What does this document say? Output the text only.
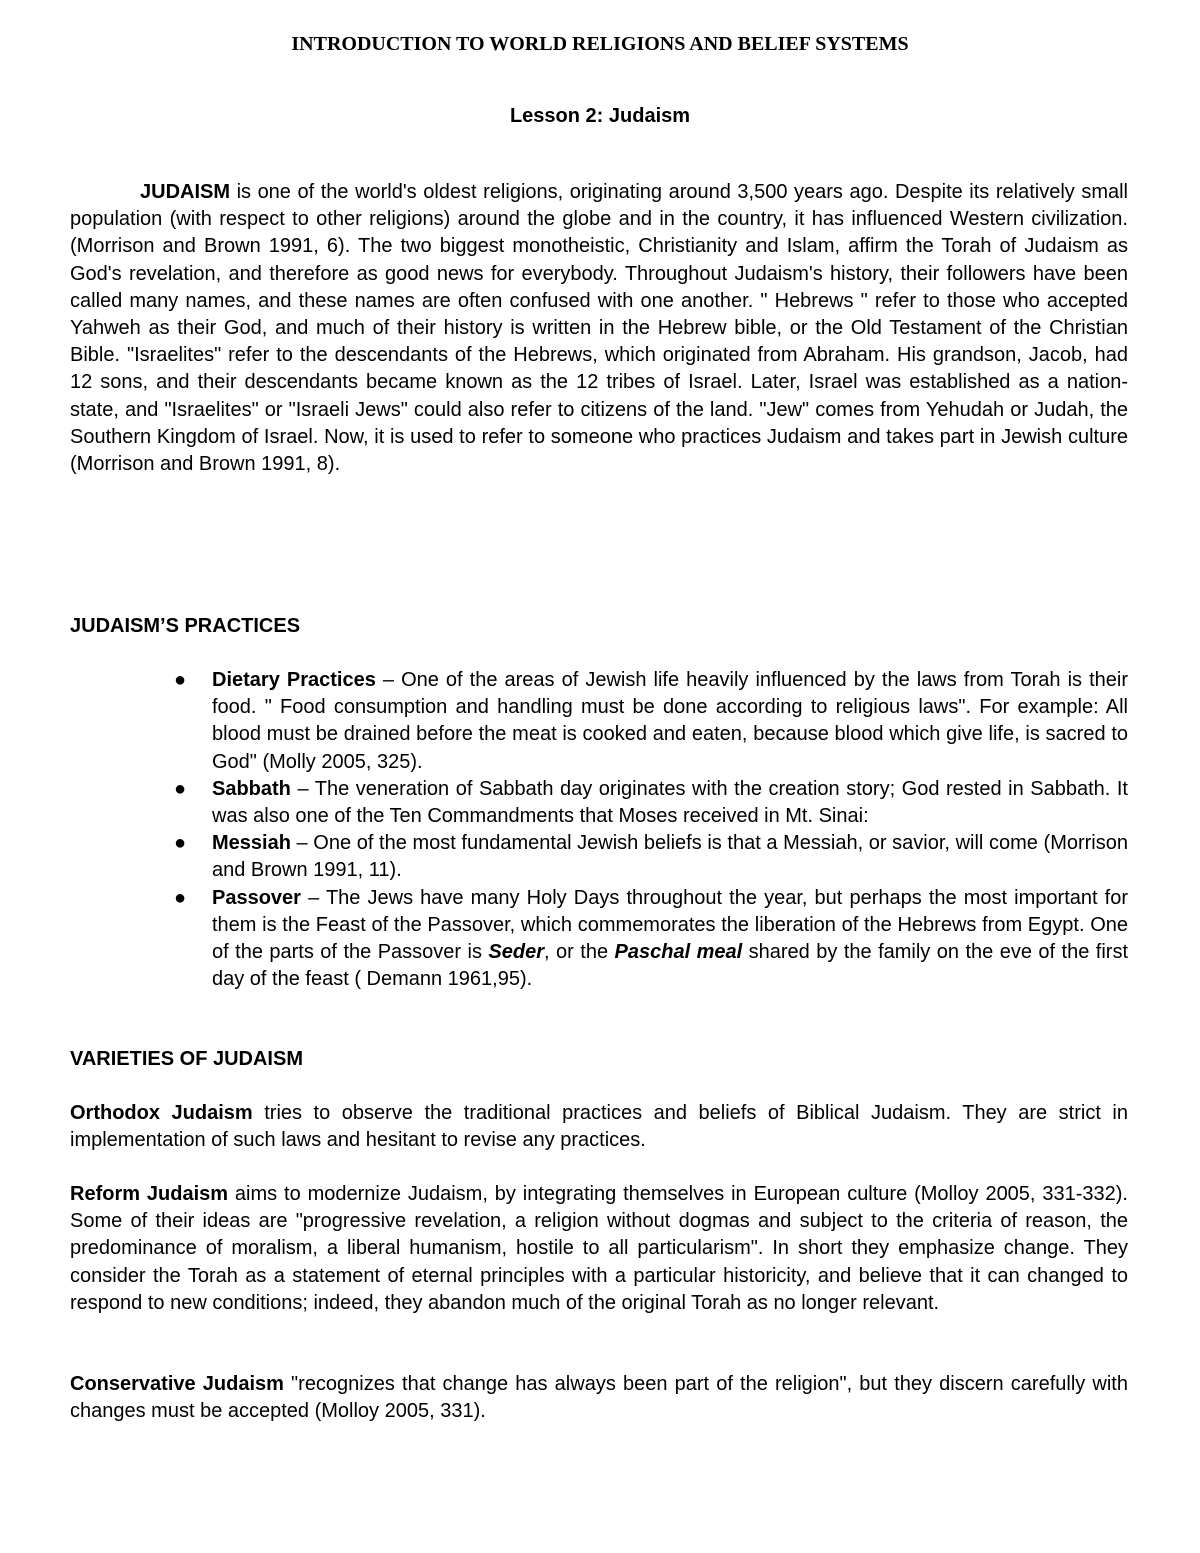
INTRODUCTION TO WORLD RELIGIONS AND BELIEF SYSTEMS
Lesson 2: Judaism

JUDAISM is one of the world's oldest religions, originating around 3,500 years ago. Despite its relatively small population (with respect to other religions) around the globe and in the country, it has influenced Western civilization. (Morrison and Brown 1991, 6). The two biggest monotheistic, Christianity and Islam, affirm the Torah of Judaism as God's revelation, and therefore as good news for everybody. Throughout Judaism's history, their followers have been called many names, and these names are often confused with one another. " Hebrews " refer to those who accepted Yahweh as their God, and much of their history is written in the Hebrew bible, or the Old Testament of the Christian Bible. "Israelites" refer to the descendants of the Hebrews, which originated from Abraham. His grandson, Jacob, had 12 sons, and their descendants became known as the 12 tribes of Israel. Later, Israel was established as a nation-state, and "Israelites" or "Israeli Jews" could also refer to citizens of the land. "Jew" comes from Yehudah or Judah, the Southern Kingdom of Israel. Now, it is used to refer to someone who practices Judaism and takes part in Jewish culture (Morrison and Brown 1991, 8).

JUDAISM’S PRACTICES

● Dietary Practices – One of the areas of Jewish life heavily influenced by the laws from Torah is their food. " Food consumption and handling must be done according to religious laws". For example: All blood must be drained before the meat is cooked and eaten, because blood which give life, is sacred to God" (Molly 2005, 325).
● Sabbath – The veneration of Sabbath day originates with the creation story; God rested in Sabbath. It was also one of the Ten Commandments that Moses received in Mt. Sinai:
● Messiah – One of the most fundamental Jewish beliefs is that a Messiah, or savior, will come (Morrison and Brown 1991, 11).
● Passover – The Jews have many Holy Days throughout the year, but perhaps the most important for them is the Feast of the Passover, which commemorates the liberation of the Hebrews from Egypt. One of the parts of the Passover is Seder, or the Paschal meal shared by the family on the eve of the first day of the feast ( Demann 1961,95).

VARIETIES OF JUDAISM

Orthodox Judaism tries to observe the traditional practices and beliefs of Biblical Judaism. They are strict in implementation of such laws and hesitant to revise any practices.

Reform Judaism aims to modernize Judaism, by integrating themselves in European culture (Molloy 2005, 331-332). Some of their ideas are "progressive revelation, a religion without dogmas and subject to the criteria of reason, the predominance of moralism, a liberal humanism, hostile to all particularism". In short they emphasize change. They consider the Torah as a statement of eternal principles with a particular historicity, and believe that it can changed to respond to new conditions; indeed, they abandon much of the original Torah as no longer relevant.

Conservative Judaism "recognizes that change has always been part of the religion", but they discern carefully with changes must be accepted (Molloy 2005, 331).
